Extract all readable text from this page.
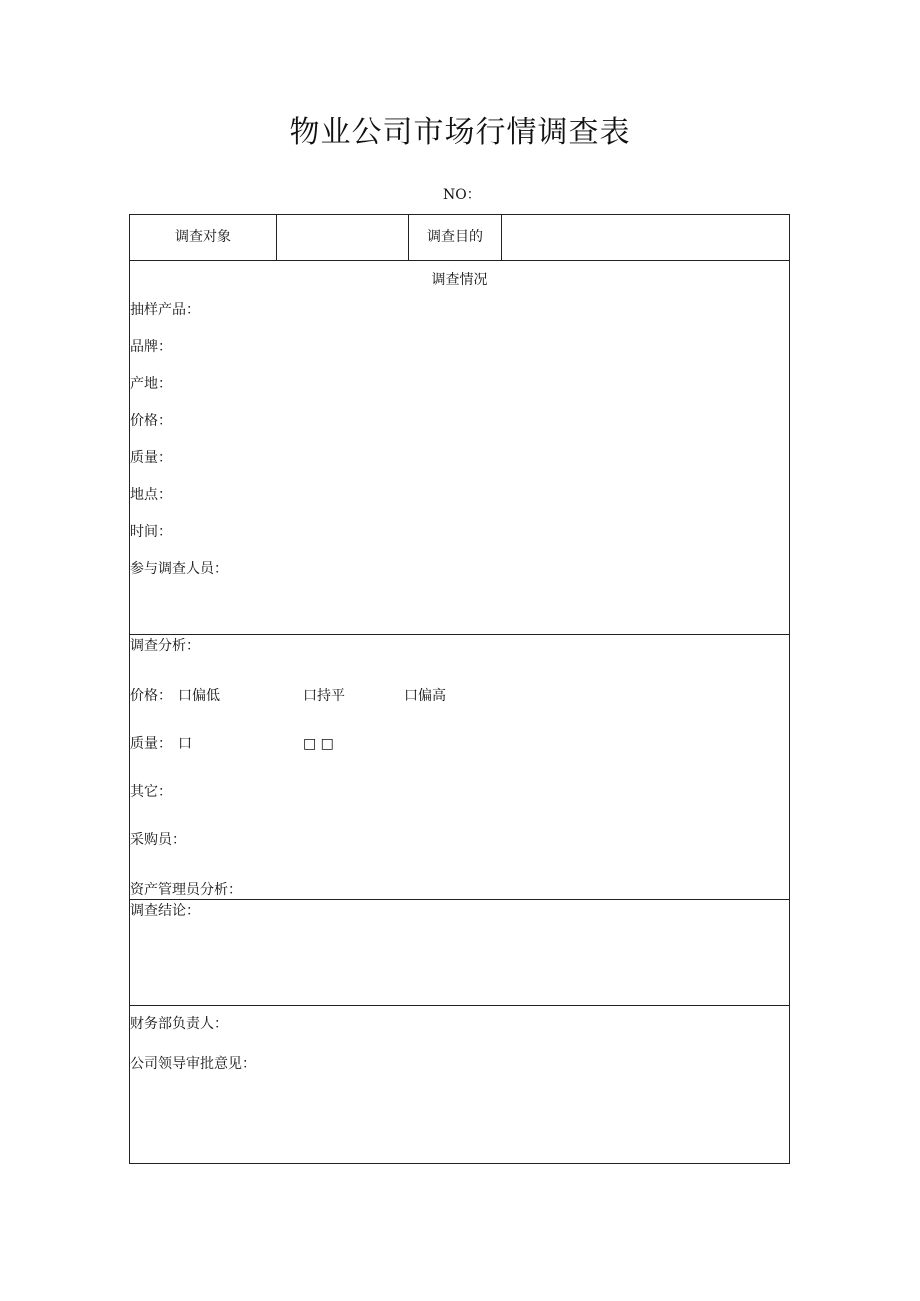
物业公司市场行情调查表
NO：
调查对象	调查目的
调查情况
抽样产品：
品牌：
产地：
价格：
质量：
地点：
时间：
参与调查人员：
调查分析：
价格： 口偏低	口持平	口偏高
质量： 口	□ □
其它：
采购员：
资产管理员分析：
调查结论：
财务部负责人：
公司领导审批意见：
